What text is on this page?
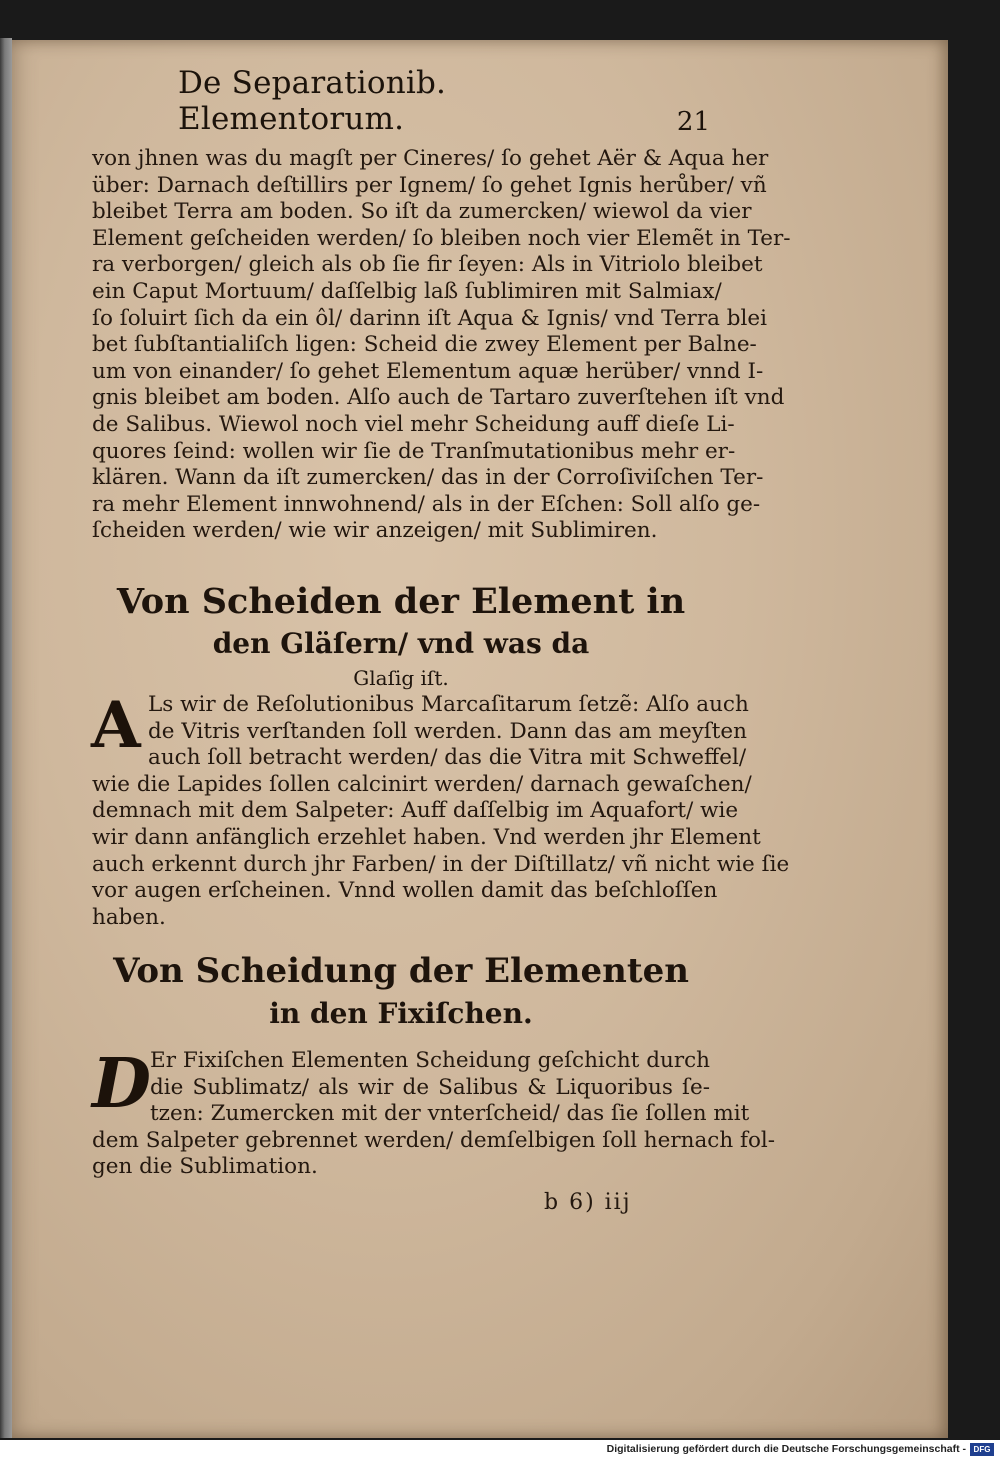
De Separationib. Elementorum.	21
von jhnen was du magſt per Cineres/ ſo gehet Aër & Aqua her
über: Darnach deſtillirs per Ignem/ ſo gehet Ignis herůber/ vñ
bleibet Terra am boden. So iſt da zumercken/ wiewol da vier
Element geſcheiden werden/ ſo bleiben noch vier Elemẽt in Ter-
ra verborgen/ gleich als ob ſie fir ſeyen: Als in Vitriolo bleibet
ein Caput Mortuum/ daſſelbig laß ſublimiren mit Salmiax/
ſo ſoluirt ſich da ein ôl/ darinn iſt Aqua & Ignis/ vnd Terra blei
bet ſubſtantialiſch ligen: Scheid die zwey Element per Balne-
um von einander/ ſo gehet Elementum aquæ herüber/ vnnd I-
gnis bleibet am boden. Alſo auch de Tartaro zuverſtehen iſt vnd
de Salibus. Wiewol noch viel mehr Scheidung auff dieſe Li-
quores ſeind: wollen wir ſie de Tranſmutationibus mehr er-
klären. Wann da iſt zumercken/ das in der Corroſiviſchen Ter-
ra mehr Element innwohnend/ als in der Eſchen: Soll alſo ge-
ſcheiden werden/ wie wir anzeigen/ mit Sublimiren.
Von Scheiden der Element in
den Gläſern/ vnd was da
Glaſig iſt.
A Ls wir de Reſolutionibus Marcaſitarum ſetzẽ: Alſo auch
de Vitris verſtanden ſoll werden. Dann das am meyſten
auch ſoll betracht werden/ das die Vitra mit Schweffel/
wie die Lapides ſollen calcinirt werden/ darnach gewaſchen/
demnach mit dem Salpeter: Auff daſſelbig im Aquafort/ wie
wir dann anfänglich erzehlet haben. Vnd werden jhr Element
auch erkennt durch jhr Farben/ in der Diſtillatz/ vñ nicht wie ſie
vor augen erſcheinen. Vnnd wollen damit das beſchloſſen
haben.
Von Scheidung der Elementen
in den Fixiſchen.
D Er Fixiſchen Elementen Scheidung geſchicht durch
die Sublimatz/ als wir de Salibus & Liquoribus ſe-
tzen: Zumercken mit der vnterſcheid/ das ſie ſollen mit
dem Salpeter gebrennet werden/ demſelbigen ſoll hernach fol-
gen die Sublimation.
b 6) iij
Digitalisierung gefördert durch die Deutsche Forschungsgemeinschaft - DFG
